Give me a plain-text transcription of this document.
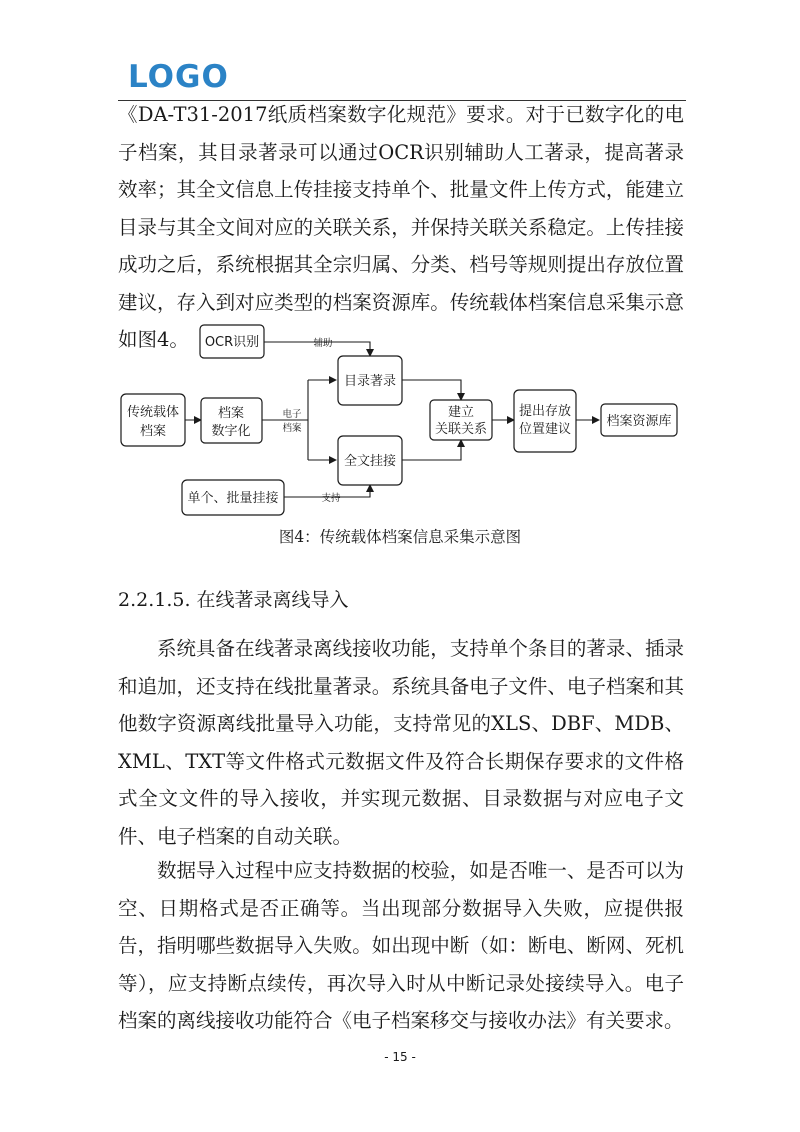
LOGO

《DA-T31-2017纸质档案数字化规范》要求。对于已数字化的电子档案，其目录著录可以通过OCR识别辅助人工著录，提高著录效率；其全文信息上传挂接支持单个、批量文件上传方式，能建立目录与其全文间对应的关联关系，并保持关联关系稳定。上传挂接成功之后，系统根据其全宗归属、分类、档号等规则提出存放位置建议，存入到对应类型的档案资源库。传统载体档案信息采集示意如图4。	辅助
电子
档案
支持
OCR识别
传统载体
档案
档案
数字化
目录著录
全文挂接
建立
关联关系
提出存放
位置建议
档案资源库
单个、批量挂接

图4：传统载体档案信息采集示意图

2.2.1.5. 在线著录离线导入

系统具备在线著录离线接收功能，支持单个条目的著录、插录和追加，还支持在线批量著录。系统具备电子文件、电子档案和其他数字资源离线批量导入功能，支持常见的XLS、DBF、MDB、XML、TXT等文件格式元数据文件及符合长期保存要求的文件格式全文文件的导入接收，并实现元数据、目录数据与对应电子文件、电子档案的自动关联。

数据导入过程中应支持数据的校验，如是否唯一、是否可以为空、日期格式是否正确等。当出现部分数据导入失败，应提供报告，指明哪些数据导入失败。如出现中断（如：断电、断网、死机等），应支持断点续传，再次导入时从中断记录处接续导入。电子档案的离线接收功能符合《电子档案移交与接收办法》有关要求。

- 15 -
